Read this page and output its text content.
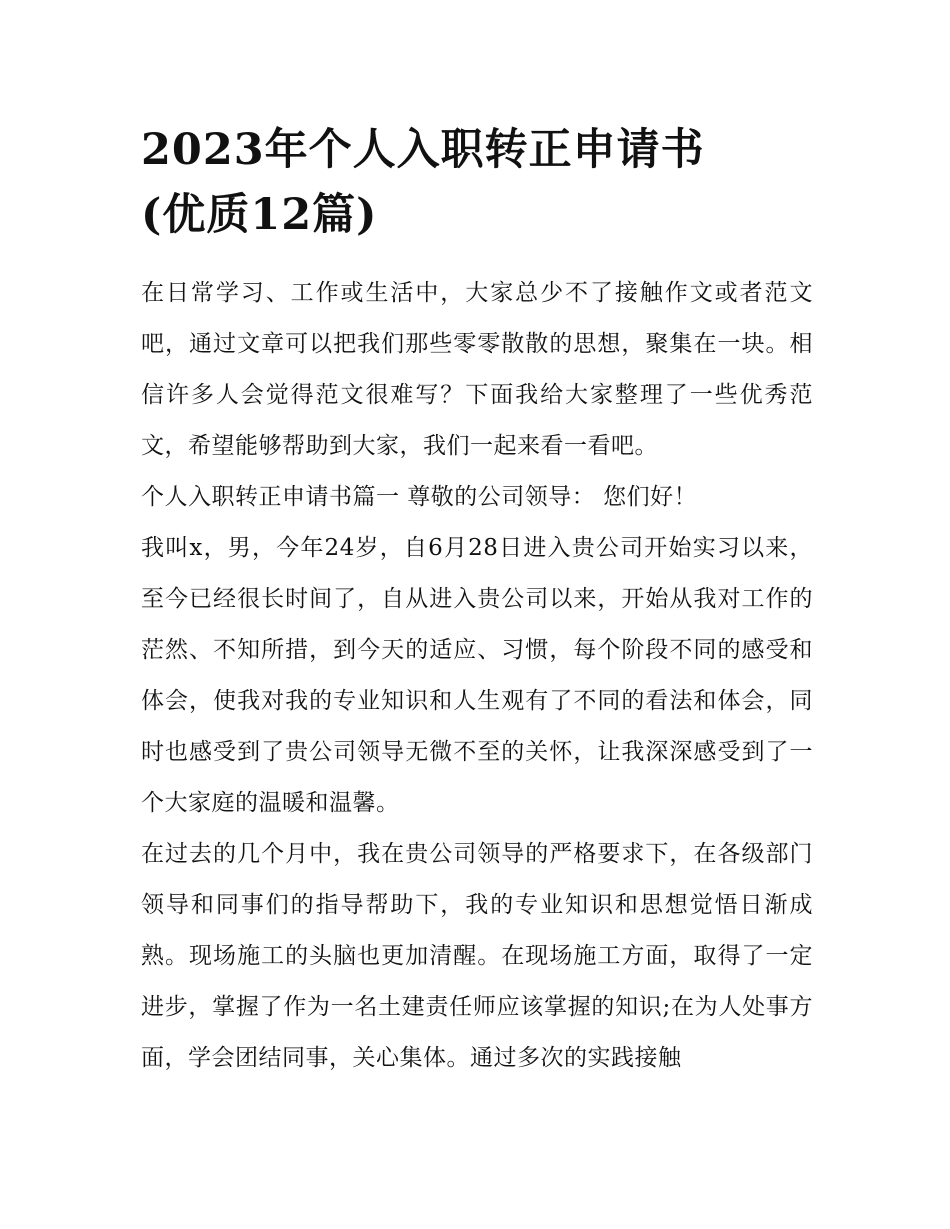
2023年个人入职转正申请书
(优质12篇)

在日常学习、工作或生活中，大家总少不了接触作文或者范文吧，通过文章可以把我们那些零零散散的思想，聚集在一块。相信许多人会觉得范文很难写？下面我给大家整理了一些优秀范文，希望能够帮助到大家，我们一起来看一看吧。

个人入职转正申请书篇一 尊敬的公司领导： 您们好！

我叫x，男，今年24岁，自6月28日进入贵公司开始实习以来，至今已经很长时间了，自从进入贵公司以来，开始从我对工作的茫然、不知所措，到今天的适应、习惯，每个阶段不同的感受和体会，使我对我的专业知识和人生观有了不同的看法和体会，同时也感受到了贵公司领导无微不至的关怀，让我深深感受到了一个大家庭的温暖和温馨。

在过去的几个月中，我在贵公司领导的严格要求下，在各级部门领导和同事们的指导帮助下，我的专业知识和思想觉悟日渐成熟。现场施工的头脑也更加清醒。在现场施工方面，取得了一定进步，掌握了作为一名土建责任师应该掌握的知识;在为人处事方面，学会团结同事，关心集体。通过多次的实践接触
